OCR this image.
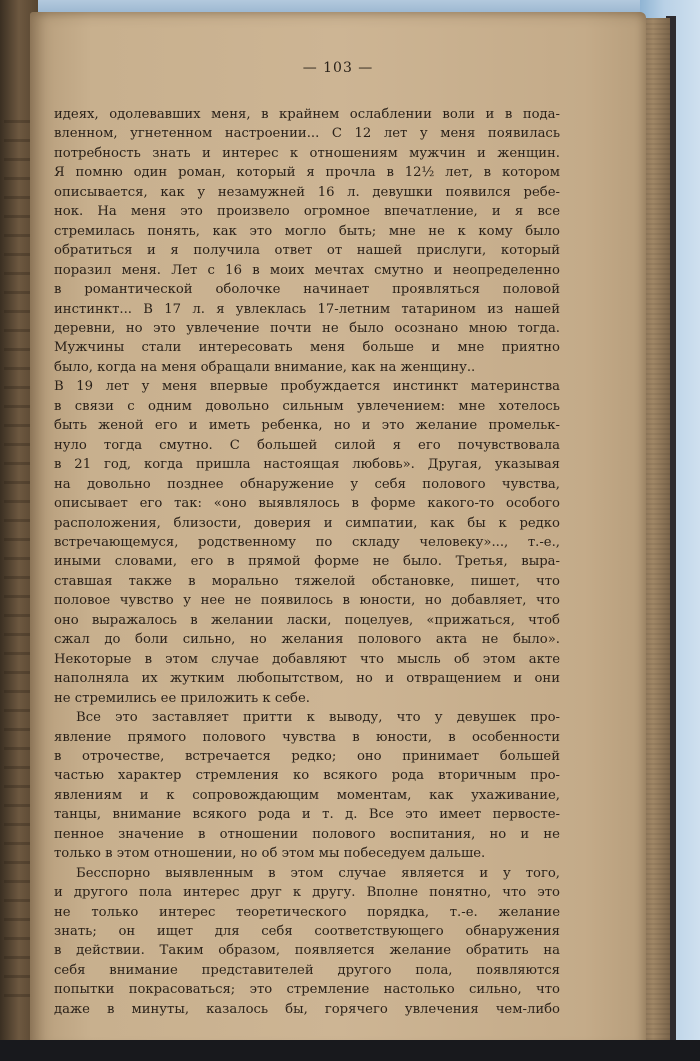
— 103 —
идеях, одолевавших меня, в крайнем ослаблении воли и в пода-
вленном, угнетенном настроении... С 12 лет у меня появилась
потребность знать и интерес к отношениям мужчин и женщин.
Я помню один роман, который я прочла в 12½ лет, в котором
описывается, как у незамужней 16 л. девушки появился ребе-
нок. На меня это произвело огромное впечатление, и я все
стремилась понять, как это могло быть; мне не к кому было
обратиться и я получила ответ от нашей прислуги, который
поразил меня. Лет с 16 в моих мечтах смутно и неопределенно
в романтической оболочке начинает проявляться половой
инстинкт... В 17 л. я увлеклась 17-летним татарином из нашей
деревни, но это увлечение почти не было осознано мною тогда.
Мужчины стали интересовать меня больше и мне приятно
было, когда на меня обращали внимание, как на женщину..
В 19 лет у меня впервые пробуждается инстинкт материнства
в связи с одним довольно сильным увлечением: мне хотелось
быть женой его и иметь ребенка, но и это желание промельк-
нуло тогда смутно. С большей силой я его почувствовала
в 21 год, когда пришла настоящая любовь». Другая, указывая
на довольно позднее обнаружение у себя полового чувства,
описывает его так: «оно выявлялось в форме какого-то особого
расположения, близости, доверия и симпатии, как бы к редко
встречающемуся, родственному по складу человеку»..., т.-е.,
иными словами, его в прямой форме не было. Третья, выра-
ставшая также в морально тяжелой обстановке, пишет, что
половое чувство у нее не появилось в юности, но добавляет, что
оно выражалось в желании ласки, поцелуев, «прижаться, чтоб
сжал до боли сильно, но желания полового акта не было».
Некоторые в этом случае добавляют что мысль об этом акте
наполняла их жутким любопытством, но и отвращением и они
не стремились ее приложить к себе.
Все это заставляет притти к выводу, что у девушек про-
явление прямого полового чувства в юности, в особенности
в отрочестве, встречается редко; оно принимает большей
частью характер стремления ко всякого рода вторичным про-
явлениям и к сопровождающим моментам, как ухаживание,
танцы, внимание всякого рода и т. д. Все это имеет первосте-
пенное значение в отношении полового воспитания, но и не
только в этом отношении, но об этом мы побеседуем дальше.
Бесспорно выявленным в этом случае является и у того,
и другого пола интерес друг к другу. Вполне понятно, что это
не только интерес теоретического порядка, т.-е. желание
знать; он ищет для себя соответствующего обнаружения
в действии. Таким образом, появляется желание обратить на
себя внимание представителей другого пола, появляются
попытки покрасоваться; это стремление настолько сильно, что
даже в минуты, казалось бы, горячего увлечения чем-либо
